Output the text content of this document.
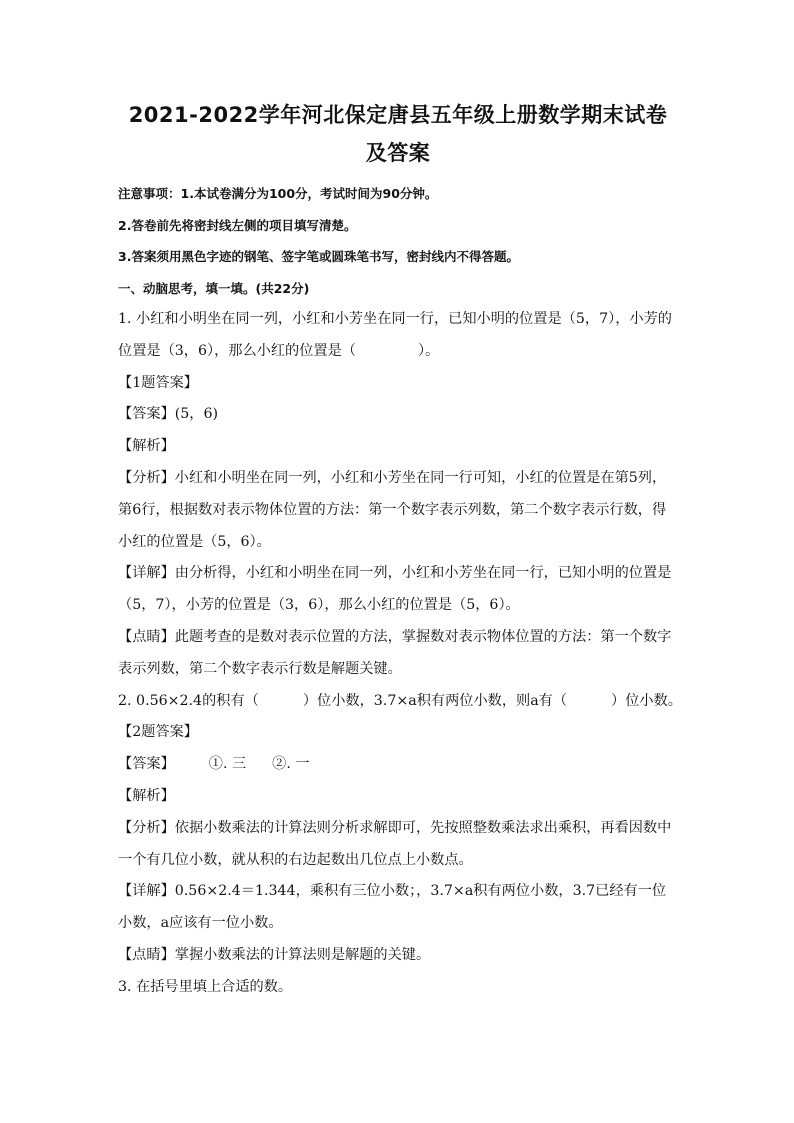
2021-2022学年河北保定唐县五年级上册数学期末试卷及答案
注意事项：1.本试卷满分为100分，考试时间为90分钟。
2.答卷前先将密封线左侧的项目填写清楚。
3.答案须用黑色字迹的钢笔、签字笔或圆珠笔书写，密封线内不得答题。
一、动脑思考，填一填。(共22分)
1. 小红和小明坐在同一列，小红和小芳坐在同一行，已知小明的位置是（5，7），小芳的位置是（3，6），那么小红的位置是（	）。
【1题答案】
【答案】(5，6)
【解析】
【分析】小红和小明坐在同一列，小红和小芳坐在同一行可知，小红的位置是在第5列，第6行，根据数对表示物体位置的方法：第一个数字表示列数，第二个数字表示行数，得小红的位置是（5，6）。
【详解】由分析得，小红和小明坐在同一列，小红和小芳坐在同一行，已知小明的位置是（5，7），小芳的位置是（3，6），那么小红的位置是（5，6）。
【点睛】此题考查的是数对表示位置的方法，掌握数对表示物体位置的方法：第一个数字表示列数，第二个数字表示行数是解题关键。
2. 0.56×2.4的积有（	）位小数，3.7×a积有两位小数，则a有（	）位小数。
【2题答案】
【答案】 ①. 三 ②. 一
【解析】
【分析】依据小数乘法的计算法则分析求解即可，先按照整数乘法求出乘积，再看因数中一个有几位小数，就从积的右边起数出几位点上小数点。
【详解】0.56×2.4＝1.344，乘积有三位小数；，3.7×a积有两位小数，3.7已经有一位小数，a应该有一位小数。
【点睛】掌握小数乘法的计算法则是解题的关键。
3. 在括号里填上合适的数。
